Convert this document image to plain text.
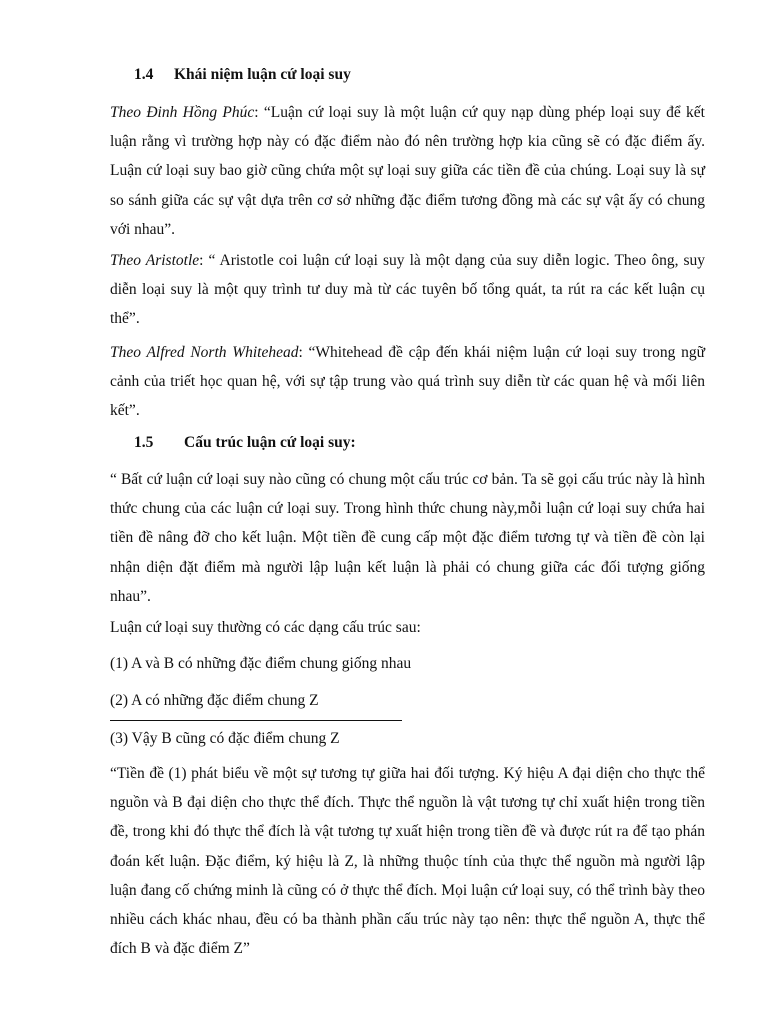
1.4 Khái niệm luận cứ loại suy

Theo Đinh Hồng Phúc: “Luận cứ loại suy là một luận cứ quy nạp dùng phép loại suy để kết luận rằng vì trường hợp này có đặc điểm nào đó nên trường hợp kia cũng sẽ có đặc điểm ấy. Luận cứ loại suy bao giờ cũng chứa một sự loại suy giữa các tiền đề của chúng. Loại suy là sự so sánh giữa các sự vật dựa trên cơ sở những đặc điểm tương đồng mà các sự vật ấy có chung với nhau”.

Theo Aristotle: “ Aristotle coi luận cứ loại suy là một dạng của suy diễn logic. Theo ông, suy diễn loại suy là một quy trình tư duy mà từ các tuyên bố tổng quát, ta rút ra các kết luận cụ thể”.

Theo Alfred North Whitehead: “Whitehead đề cập đến khái niệm luận cứ loại suy trong ngữ cảnh của triết học quan hệ, với sự tập trung vào quá trình suy diễn từ các quan hệ và mối liên kết”.

1.5 Cấu trúc luận cứ loại suy:

“ Bất cứ luận cứ loại suy nào cũng có chung một cấu trúc cơ bản. Ta sẽ gọi cấu trúc này là hình thức chung của các luận cứ loại suy. Trong hình thức chung này,mỗi luận cứ loại suy chứa hai tiền đề nâng đỡ cho kết luận. Một tiền đề cung cấp một đặc điểm tương tự và tiền đề còn lại nhận diện đặt điểm mà người lập luận kết luận là phải có chung giữa các đối tượng giống nhau”.

Luận cứ loại suy thường có các dạng cấu trúc sau:

(1) A và B có những đặc điểm chung giống nhau
(2) A có những đặc điểm chung Z
(3) Vậy B cũng có đặc điểm chung Z

“Tiền đề (1) phát biểu về một sự tương tự giữa hai đối tượng. Ký hiệu A đại diện cho thực thể nguồn và B đại diện cho thực thể đích. Thực thể nguồn là vật tương tự chỉ xuất hiện trong tiền đề, trong khi đó thực thể đích là vật tương tự xuất hiện trong tiền đề và được rút ra để tạo phán đoán kết luận. Đặc điểm, ký hiệu là Z, là những thuộc tính của thực thể nguồn mà người lập luận đang cố chứng minh là cũng có ở thực thể đích. Mọi luận cứ loại suy, có thể trình bày theo nhiều cách khác nhau, đều có ba thành phần cấu trúc này tạo nên: thực thể nguồn A, thực thể đích B và đặc điểm Z”
